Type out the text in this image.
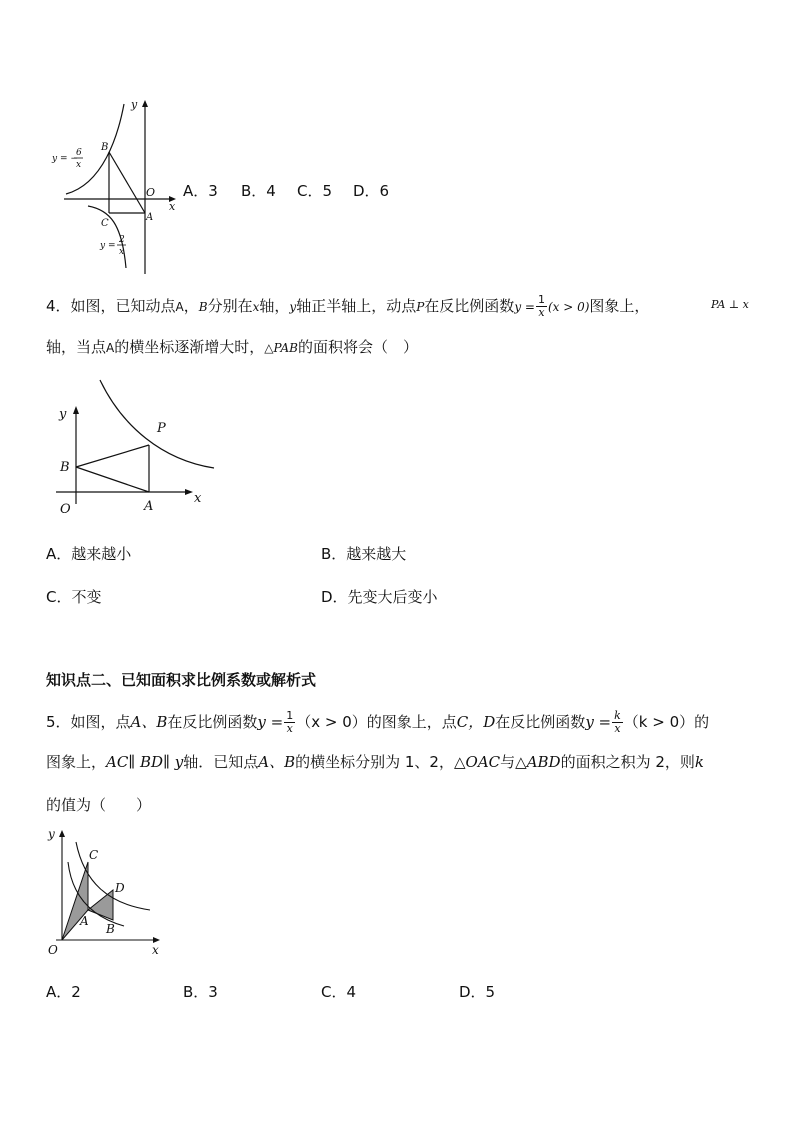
y
x
O
B
C
A
y = −
6
x
y =
2
x
A．3 B．4 C．5 D．6
4．如图，已知动点A，B分别在x轴，y轴正半轴上，动点P在反比例函数$y = \frac{1}{x} (x > 0)$图象上，	PA ⊥ x
轴，当点A的横坐标逐渐增大时，△PAB的面积将会（　）
y
x
O
B
A
P
A．越来越小	B．越来越大
C．不变	D．先变大后变小
知识点二、已知面积求比例系数或解析式
5．如图，点A、B在反比例函数$y = \frac{1}{x} (x > 0)$的图象上，点C，D在反比例函数$y = \frac{k}{x} (k > 0)$的
图象上，AC∥ BD∥ y轴．已知点A、B的横坐标分别为 1、2，△OAC与△ABD的面积之积为 2，则k
的值为（　　）
y
x
O
C
D
A
B
A．2	B．3	C．4	D．5
